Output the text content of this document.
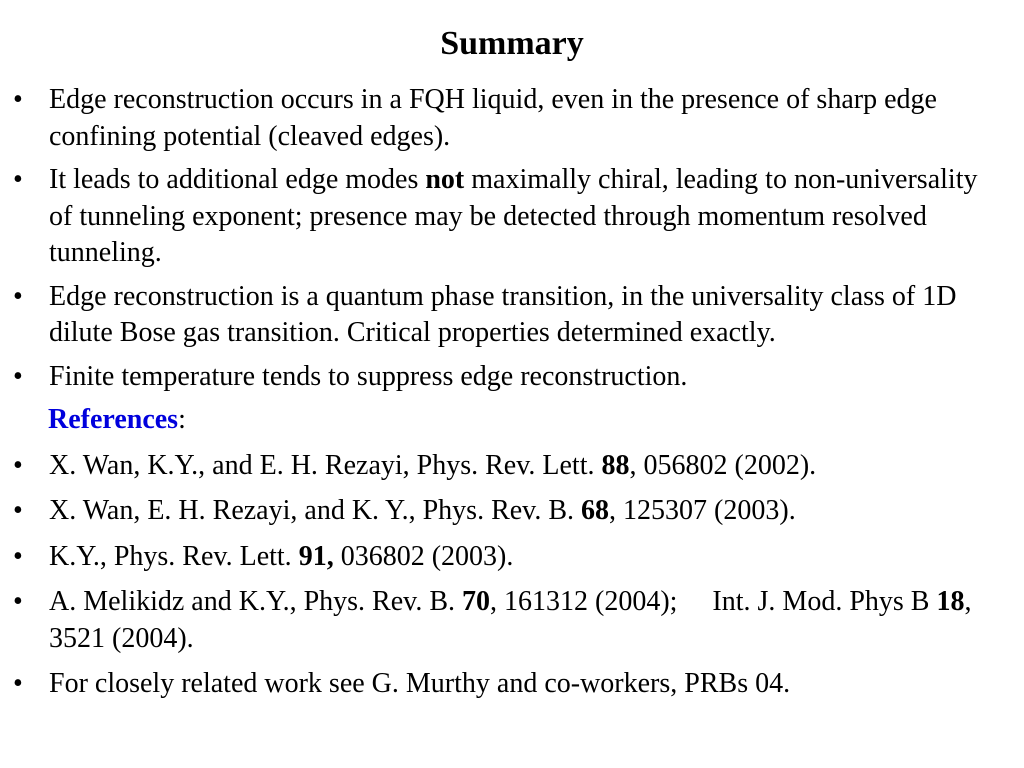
Summary
• Edge reconstruction occurs in a FQH liquid, even in the presence of sharp edge confining potential (cleaved edges).
• It leads to additional edge modes not maximally chiral, leading to non-universality of tunneling exponent; presence may be detected through momentum resolved tunneling.
• Edge reconstruction is a quantum phase transition, in the universality class of 1D dilute Bose gas transition. Critical properties determined exactly.
• Finite temperature tends to suppress edge reconstruction.
References:
• X. Wan, K.Y., and E. H. Rezayi, Phys. Rev. Lett. 88, 056802 (2002).
• X. Wan, E. H. Rezayi, and K. Y., Phys. Rev. B. 68, 125307 (2003).
• K.Y., Phys. Rev. Lett. 91, 036802 (2003).
• A. Melikidz and K.Y., Phys. Rev. B. 70, 161312 (2004);     Int. J. Mod. Phys B 18, 3521 (2004).
• For closely related work see G. Murthy and co-workers, PRBs 04.
